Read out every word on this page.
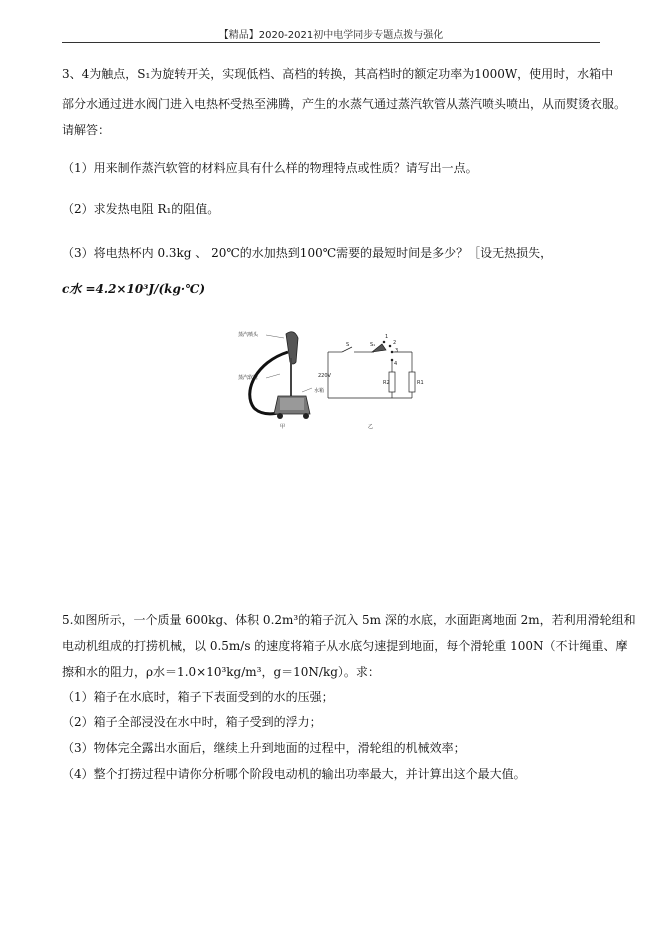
【精品】2020-2021初中电学同步专题点拨与强化
3、4为触点，S₁为旋转开关，实现低档、高档的转换，其高档时的额定功率为1000W，使用时，水箱中
部分水通过进水阀门进入电热杯受热至沸腾，产生的水蒸气通过蒸汽软管从蒸汽喷头喷出，从而熨烫衣服。
请解答：
（1）用来制作蒸汽软管的材料应具有什么样的物理特点或性质？请写出一点。
（2）求发热电阻 R₁的阻值。
（3）将电热杯内 0.3kg 、 20℃的水加热到100℃需要的最短时间是多少？［设无热损失，
c水 =4.2×10³J/(kg·℃)
蒸汽喷头
蒸汽软管
水箱
甲
220V
S	S₁
R2	R1
1
2
3
4
乙
5.如图所示，一个质量 600kg、体积 0.2m³的箱子沉入 5m 深的水底，水面距离地面 2m，若利用滑轮组和
电动机组成的打捞机械，以 0.5m/s 的速度将箱子从水底匀速提到地面，每个滑轮重 100N（不计绳重、摩
擦和水的阻力，ρ水＝1.0×10³kg/m³，g＝10N/kg）。求：
（1）箱子在水底时，箱子下表面受到的水的压强；
（2）箱子全部浸没在水中时，箱子受到的浮力；
（3）物体完全露出水面后，继续上升到地面的过程中，滑轮组的机械效率；
（4）整个打捞过程中请你分析哪个阶段电动机的输出功率最大，并计算出这个最大值。
